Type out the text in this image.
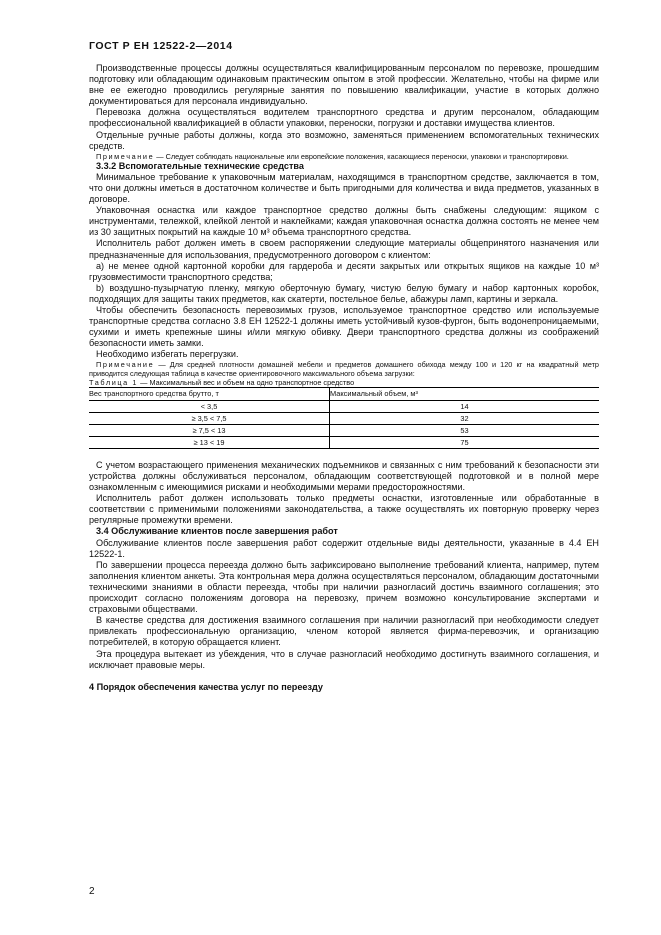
ГОСТ Р ЕН 12522-2—2014

Производственные процессы должны осуществляться квалифицированным персоналом по перевозке, прошедшим подготовку или обладающим одинаковым практическим опытом в этой профессии. Желательно, чтобы на фирме или вне ее ежегодно проводились регулярные занятия по повышению квалификации, участие в которых должно документироваться для персонала индивидуально.

Перевозка должна осуществляться водителем транспортного средства и другим персоналом, обладающим профессиональной квалификацией в области упаковки, переноски, погрузки и доставки имущества клиентов.

Отдельные ручные работы должны, когда это возможно, заменяться применением вспомогательных технических средств.

Примечание — Следует соблюдать национальные или европейские положения, касающиеся переноски, упаковки и транспортировки.

3.3.2 Вспомогательные технические средства

Минимальное требование к упаковочным материалам, находящимся в транспортном средстве, заключается в том, что они должны иметься в достаточном количестве и быть пригодными для количества и вида предметов, указанных в договоре.

Упаковочная оснастка или каждое транспортное средство должны быть снабжены следующим: ящиком с инструментами, тележкой, клейкой лентой и наклейками; каждая упаковочная оснастка должна состоять не менее чем из 30 защитных покрытий на каждые 10 м³ объема транспортного средства.

Исполнитель работ должен иметь в своем распоряжении следующие материалы общепринятого назначения или предназначенные для использования, предусмотренного договором с клиентом:

а) не менее одной картонной коробки для гардероба и десяти закрытых или открытых ящиков на каждые 10 м³ грузовместимости транспортного средства;

b) воздушно-пузырчатую пленку, мягкую оберточную бумагу, чистую белую бумагу и набор картонных коробок, подходящих для защиты таких предметов, как скатерти, постельное белье, абажуры ламп, картины и зеркала.

Чтобы обеспечить безопасность перевозимых грузов, используемое транспортное средство или используемые транспортные средства согласно 3.8 ЕН 12522-1 должны иметь устойчивый кузов-фургон, быть водонепроницаемыми, сухими и иметь крепежные шины и/или мягкую обивку. Двери транспортного средства должны из соображений безопасности иметь замки.

Необходимо избегать перегрузки.

Примечание — Для средней плотности домашней мебели и предметов домашнего обихода между 100 и 120 кг на квадратный метр приводится следующая таблица в качестве ориентировочного максимального объема загрузки:

Таблица 1 — Максимальный вес и объем на одно транспортное средство

Вес транспортного средства брутто, т	Максимальный объем, м³
< 3,5	14
≥ 3,5 < 7,5	32
≥ 7,5 < 13	53
≥ 13 < 19	75

С учетом возрастающего применения механических подъемников и связанных с ним требований к безопасности эти устройства должны обслуживаться персоналом, обладающим соответствующей подготовкой и в полной мере ознакомленным с имеющимися рисками и необходимыми мерами предосторожностями.

Исполнитель работ должен использовать только предметы оснастки, изготовленные или обработанные в соответствии с применимыми положениями законодательства, а также осуществлять их повторную проверку через регулярные промежутки времени.

3.4 Обслуживание клиентов после завершения работ

Обслуживание клиентов после завершения работ содержит отдельные виды деятельности, указанные в 4.4 ЕН 12522-1.

По завершении процесса переезда должно быть зафиксировано выполнение требований клиента, например, путем заполнения клиентом анкеты. Эта контрольная мера должна осуществляться персоналом, обладающим достаточными техническими знаниями в области переезда, чтобы при наличии разногласий достичь взаимного соглашения; это происходит согласно положениям договора на перевозку, причем возможно консультирование экспертами и страховыми обществами.

В качестве средства для достижения взаимного соглашения при наличии разногласий при необходимости следует привлекать профессиональную организацию, членом которой является фирма-перевозчик, и организацию потребителей, в которую обращается клиент.

Эта процедура вытекает из убеждения, что в случае разногласий необходимо достигнуть взаимного соглашения, и исключает правовые меры.

4 Порядок обеспечения качества услуг по переезду

2
